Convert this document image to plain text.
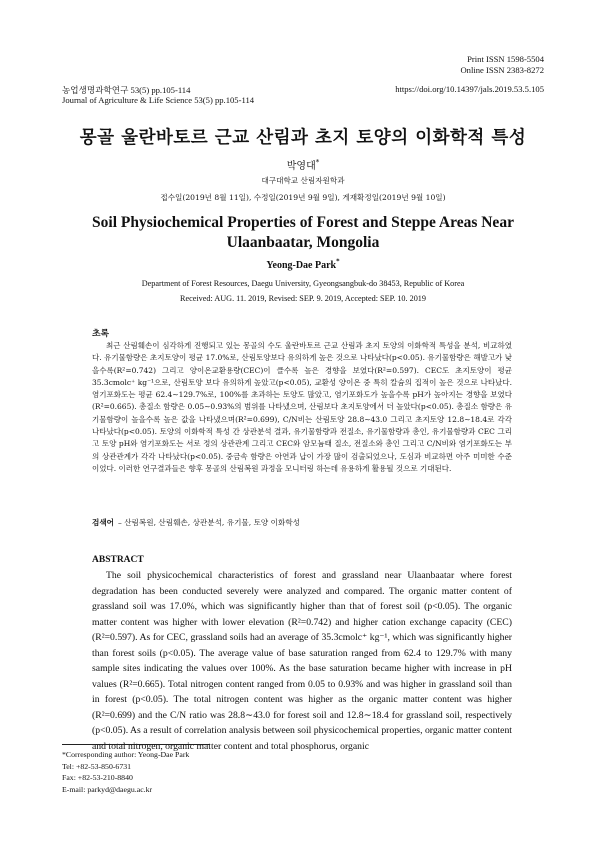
Print ISSN 1598-5504
Online ISSN 2383-8272
농업생명과학연구 53(5) pp.105-114	https://doi.org/10.14397/jals.2019.53.5.105
Journal of Agriculture & Life Science 53(5) pp.105-114
몽골 울란바토르 근교 산림과 초지 토양의 이화학적 특성
박영대*
대구대학교 산림자원학과
접수일(2019년 8월 11일), 수정일(2019년 9월 9일), 게재확정일(2019년 9월 10일)
Soil Physiochemical Properties of Forest and Steppe Areas Near
Ulaanbaatar, Mongolia
Yeong-Dae Park*
Department of Forest Resources, Daegu University, Gyeongsangbuk-do 38453, Republic of Korea
Received: AUG. 11. 2019, Revised: SEP. 9. 2019, Accepted: SEP. 10. 2019
초록

최근 산림훼손이 심각하게 진행되고 있는 몽골의 수도 울란바토르 근교 산림과 초지 토양의 이화학적 특성을 분석, 비교하였다. 유기물함량은 초지토양이 평균 17.0%로, 산림토양보다 유의하게 높은 것으로 나타났다(p<0.05). 유기물함량은 해발고가 낮을수록(R²=0.742) 그리고 양이온교환용량(CEC)이 클수록 높은 경향을 보였다(R²=0.597). CEC도 초지토양이 평균 35.3cmolc⁺ kg⁻¹으로, 산림토양 보다 유의하게 높았고(p<0.05), 교환성 양이온 중 특히 칼슘의 집적이 높은 것으로 나타났다. 염기포화도는 평균 62.4∼129.7%로, 100%를 초과하는 토양도 많았고, 염기포화도가 높을수록 pH가 높아지는 경향을 보였다(R²=0.665). 총질소 함량은 0.05∼0.93%의 범위를 나타냈으며, 산림보다 초지토양에서 더 높았다(p<0.05). 총질소 함량은 유기물함량이 높을수록 높은 값을 나타냈으며(R²=0.699), C/N비는 산림토양 28.8∼43.0 그리고 초지토양 12.8∼18.4로 각각 나타났다(p<0.05). 토양의 이화학적 특성 간 상관분석 결과, 유기물함량과 전질소, 유기물함량과 총인, 유기물함량과 CEC 그리고 토양 pH와 염기포화도는 서로 정의 상관관계 그리고 CEC와 암모늄태 질소, 전질소와 총인 그리고 C/N비와 염기포화도는 부의 상관관계가 각각 나타났다(p<0.05). 중금속 함량은 아연과 납이 가장 많이 검출되었으나, 도심과 비교하면 아주 미미한 수준이었다. 이러한 연구결과들은 향후 몽골의 산림복원 과정을 모니터링 하는데 유용하게 활용될 것으로 기대된다.

검색어 – 산림복원, 산림훼손, 상관분석, 유기물, 토양 이화학성
ABSTRACT

The soil physicochemical characteristics of forest and grassland near Ulaanbaatar where forest degradation has been conducted severely were analyzed and compared. The organic matter content of grassland soil was 17.0%, which was significantly higher than that of forest soil (p<0.05). The organic matter content was higher with lower elevation (R²=0.742) and higher cation exchange capacity (CEC) (R²=0.597). As for CEC, grassland soils had an average of 35.3cmolc⁺ kg⁻¹, which was significantly higher than forest soils (p<0.05). The average value of base saturation ranged from 62.4 to 129.7% with many sample sites indicating the values over 100%. As the base saturation became higher with increase in pH values (R²=0.665). Total nitrogen content ranged from 0.05 to 0.93% and was higher in grassland soil than in forest (p<0.05). The total nitrogen content was higher as the organic matter content was higher (R²=0.699) and the C/N ratio was 28.8∼43.0 for forest soil and 12.8∼18.4 for grassland soil, respectively (p<0.05). As a result of correlation analysis between soil physicochemical properties, organic matter content and total nitrogen, organic matter content and total phosphorus, organic

*Corresponding author: Yeong-Dae Park
Tel: +82-53-850-6731
Fax: +82-53-210-8840
E-mail: parkyd@daegu.ac.kr
